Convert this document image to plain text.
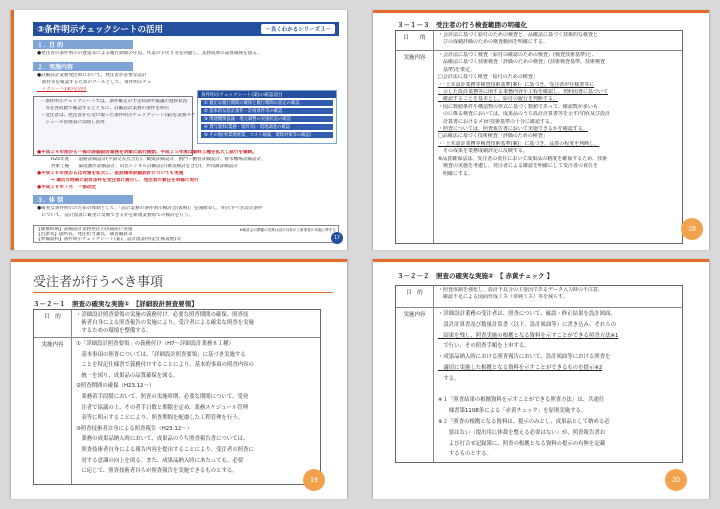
③条件明示チェックシートの活用	－良くわかるシリーズ３－
１．目 的
●発注者の条件明示の遅延等による履行期間の圧迫、作業の手戻り等を回避し、業務成果の品質確保を図る。
２．実施内容
●詳細設計業務発注時において、発注者が必要な設計
　条件等を確認するためのツールとして、条件明示チェ
　ックシート(案)を活用
　・条件明示チェックシートでは、条件確定の予定時期や協議の進捗状況
　　等を各段階で確認するとともに、詳細設計業務の条件を明示
　・受注者は、発注者から受け取った条件明示チェックシート(案)を業務スケ
　　ジュール管理表に反映し活用
条件明示チェックシート(案)の確認項目
① 適正な履行期間の確保と履行期間の設定の確認
② 基本的な設計条件・計画条件等の確認
③ 関連機関協議・地元調整の実施状況の確認
④ 貸与資料(業務・資料等)・現地調査の確認
⑤ その他(事業関連業、コスト縮減、環境対策等の確認)
●平成２４年度から一部の詳細設計業務を対象に試行開始、平成２５年度は最終工種を拡大し試行を継続。
　　　H25年度　　道路詳細設計(平面交差点含む)、橋梁詳細設計、函門・樋管詳細設計、排水機場詳細設計、
　　　対象工種　　築堤護岸詳細設計、山岳トンネル詳細設計(換気検討を含む)、共同溝詳細設計
●平成２６年度からは対象を拡大し、仮設備等詳細設計についても実施
　　　⇒ 適切な時期に設計条件を受注者に提示し、発注者の責任を明確に実行
●平成２８年７月　一部改定
３．体 制
●確実な条件明示のための体制として、「設計業務の条件明示検討会(仮称)」を開催等し、明示すべき設計条件
　について、設計図書に確実に反映できるかを新規業務毎での検討を行う。
【開催時期】詳細設計業務発注の決裁前に実施
【出席者】副所長、発注担当課長、調査職員等
【準備資料】条件明示チェックシート(案)、設計図書(特記仕様書他)等
※検討会の開催の有無は試行対象の工事業者の実施に準ずる
17
３－１－３　受注者の行う検査範囲の明確化
目　　的	・会計法に基づく給付のための検査と、品確法に基づく技術的な検査と
　びの成績評価のための検査範囲を明確にする。
実施内容	・会計法に基づく検査「給付の確認のための検査」(検査技術基準)と、
　品確法に基づく技術検査「評価のための検査」(技術検査基準、技術検査
　基準)を策定。
□会計法に基づく検査「給付のための検査」
・「土木設計業務等検査技術基準(案)」に基づき、受注者が仕様書等に
　示した設計業務等に関する業務内容や工程を確認し、契約図書に基づいて
　確認することを基本とし、給付の履行を判断する。
・図に数値条件や構造物の形式に基づく数値であって、確認数が多いも
　のに係る検査においては、成果品のうち設計計算書等を示す内容(及び設計
　計算書におけるメ)が技術基準の十分に確認する。
・照査については、照査報告書において実施できるかを確認する。
□品確法に基づく技術検査「評価のための検査」
・「土木設計業務等検査技術基準(案)」に基づき、品質の程度を判断し、
　その成果を業務成績評定に反映する。
※品質確保法は、受注者の責任において成果品の精度を確保するため、技術
　検査の実施を考慮し、発注者による確認を明確にして受注者の責任を
　明確にする。
18
受注者が行うべき事項
３－２－１　照査の確実な実施①　【詳細設計照査要領】
目　的	・詳細設計照査要領の実施の義務付け。必要な照査期間の確保、照査技
　術者自身による照査報告の実施により、受注者による確実な照査を実施
　するための環境を整備する。
実施内容	①「詳細設計照査要領」の義務付け（H7～詳細設計業務８工種）
　基本事項の照査については、「詳細設計照査要領」に基づき実施する
　ことを特記仕様書で義務付けすることにより、基本的事項の照査内容の
　統一を図り、成果品の品質確保を図る。
②照査期間の確保（H23.12～）
　業務着手段階において、照査の実施時期、必要な期間について、受発
　注者で協議の上、その者手日数と期限を定め、業務スケジュール管理
　表等に明示することにより、照査期間を配慮した工程管理を行う。
③照査技術者自身による照査報告（H23.12～）
　業務の成果品納入時において、成果品のうち照査報告書については、
　照査技術者自身による報告内容を提出することにより、受注者の照査に
　対する意識の向上を図る。また、成果品納入時にあたっても、必要
　に応じて、照査技術者自らが照査報告を実施できるものとする。
19
３－２－２　照査の確実な実施②　【 赤黄チェック 】
目　的	・照査体制を強化し、設計不具合の主要因であるデータ入力時の不注意、
　確認不足による図面作成ミス（単純ミス）等を減らす。
実施内容	・詳細設計業務の受注者は、照査について、確認・修正結果を設計図面、
　設計計算書及び数量計算書（以下、設計図面等）に書き込み、それらの
　結果を残し、照査実施の根拠となる資料を示すことができる照査方法※1
　で行い、その照査手順を上申する。
・成果品納入時における照査報告において、設計図面等における照査を
　適切に実施した根拠となる資料を示すことができるものを提示※2
　する。

※１「照査結果の根拠資料を示すことができる照査方法」は、共通仕
　　様書第1108条による「赤黄チェック」を原則実施する。
※２「照査の根拠となる資料は、提示のみとし、成果品として納める必
　　要はない（提出用に体裁を整える必要はない）が、照査報告書お
　　よび打合せ記録簿に、照査の根拠となる資料の提示の有無を記載
　　するものとする。
20
